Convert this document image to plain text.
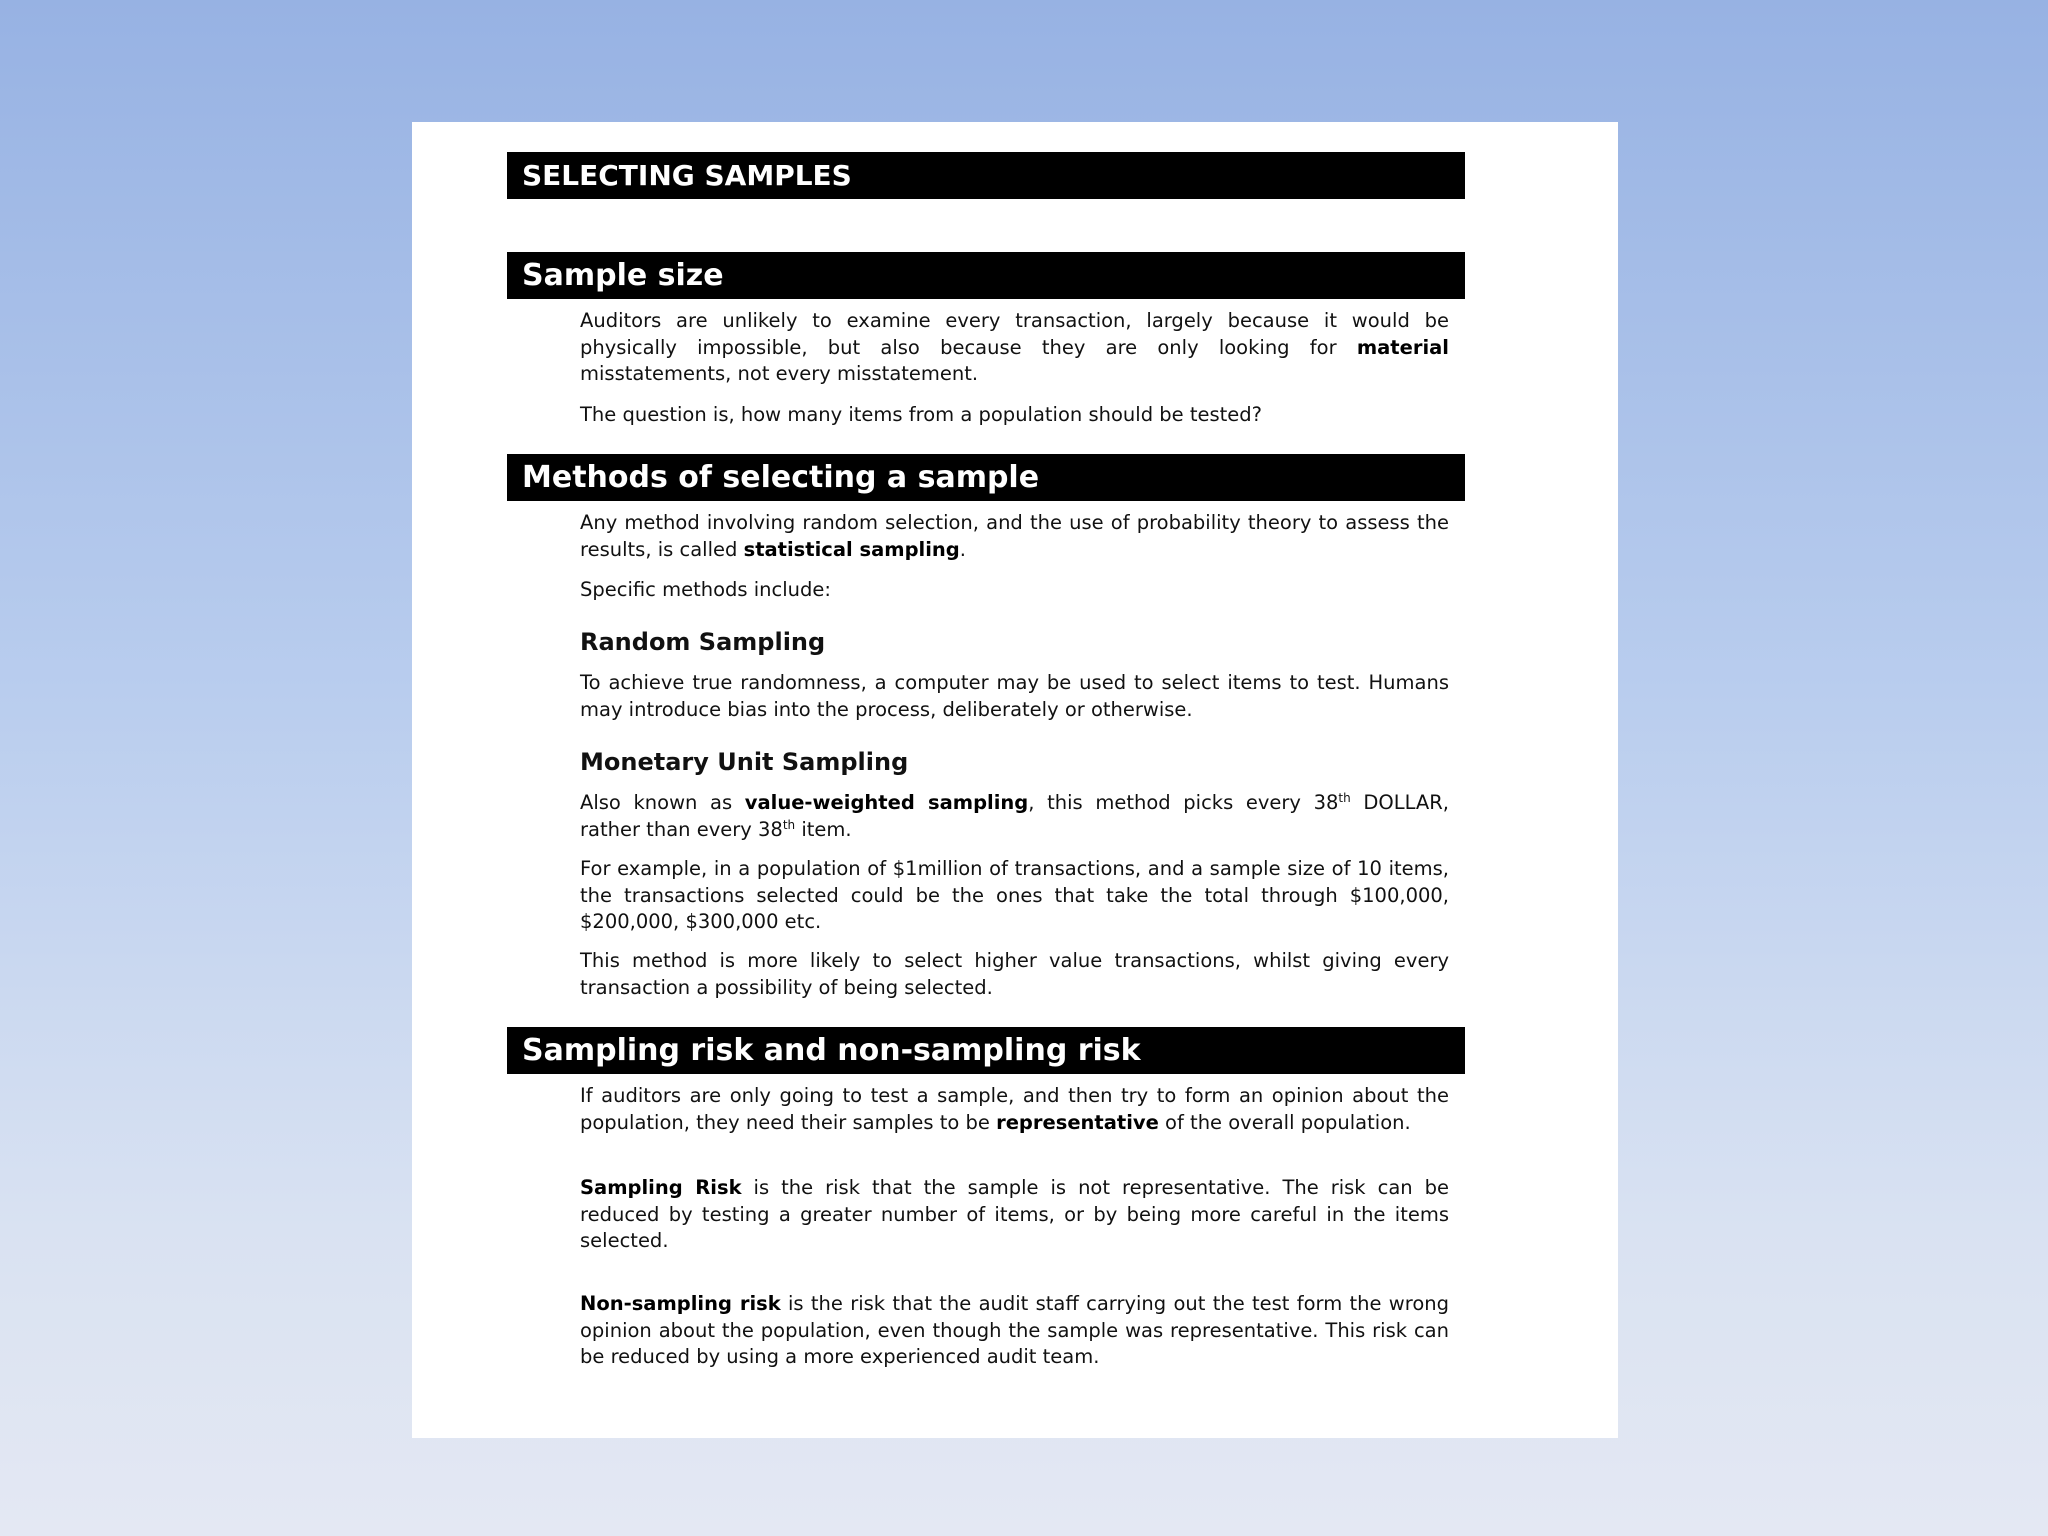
SELECTING SAMPLES
Sample size

Auditors are unlikely to examine every transaction, largely because it would be physically impossible, but also because they are only looking for material misstatements, not every misstatement.

The question is, how many items from a population should be tested?

Methods of selecting a sample

Any method involving random selection, and the use of probability theory to assess the results, is called statistical sampling.

Specific methods include:

Random Sampling

To achieve true randomness, a computer may be used to select items to test. Humans may introduce bias into the process, deliberately or otherwise.

Monetary Unit Sampling

Also known as value-weighted sampling, this method picks every 38th DOLLAR, rather than every 38th item.

For example, in a population of $1million of transactions, and a sample size of 10 items, the transactions selected could be the ones that take the total through $100,000, $200,000, $300,000 etc.

This method is more likely to select higher value transactions, whilst giving every transaction a possibility of being selected.

Sampling risk and non-sampling risk

If auditors are only going to test a sample, and then try to form an opinion about the population, they need their samples to be representative of the overall population.

Sampling Risk is the risk that the sample is not representative. The risk can be reduced by testing a greater number of items, or by being more careful in the items selected.

Non-sampling risk is the risk that the audit staff carrying out the test form the wrong opinion about the population, even though the sample was representative. This risk can be reduced by using a more experienced audit team.
